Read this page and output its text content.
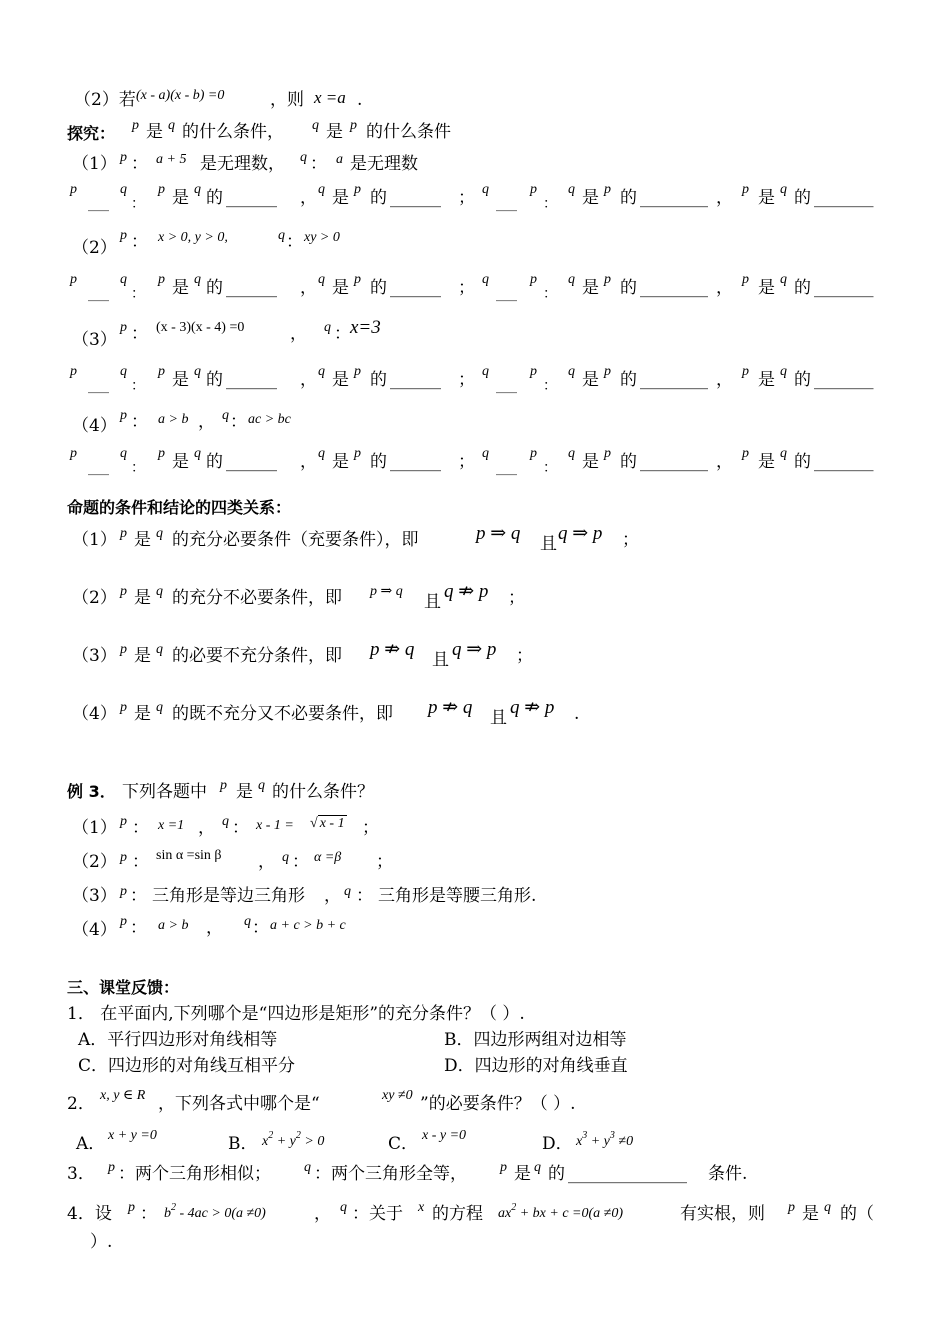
（2）若 (x - a)(x - b) =0	，则 x =a .
探究： p 是 q 的什么条件， q 是 p 的什么条件
（1） p ： a + 5 是无理数， q ： a 是无理数
p
___
q
：
p 是 q 的 ______ ， q 是 p 的 ______ ； q
___
p
：
q 是 p 的 ________ ， p 是 q 的 _______
（2）
p ： x > 0, y > 0,	q ： xy > 0
p
___
q
：
p 是 q 的 ______ ， q 是 p 的 ______ ； q
___
p
：
q 是 p 的 ________ ， p 是 q 的 _______
（3）
p ： (x - 3)(x - 4) =0	， q ： x=3
p
___
q
：
p 是 q 的 ______ ， q 是 p 的 ______ ； q
___
p
：
q 是 p 的 ________ ， p 是 q 的 _______
（4）
p ： a > b ， q ： ac > bc
p
___
q
：
p 是 q 的 ______ ， q 是 p 的 ______ ； q
___
p
：
q 是 p 的 ________ ， p 是 q 的 _______
命题的条件和结论的四类关系：
（1） p 是 q 的充分必要条件（充要条件），即	p ⇒ q 且 q ⇒ p ；
（2） p 是 q 的充分不必要条件，即 p ⇒ q
且 q ⇏ p ；
（3） p 是 q 的必要不充分条件，即 p ⇏ q 且 q ⇒ p ；
（4） p 是 q 的既不充分又不必要条件，即 p ⇏ q 且 q ⇏ p .
例 3． 下列各题中 p 是 q 的什么条件？
（1） p ： x =1 ， q ： x - 1 = √ x - 1 ；
（2） p ： sin α =sin β ， q ： α =β ；
（3） p ： 三角形是等边三角形 ， q ： 三角形是等腰三角形.
（4） p ： a > b ， q ： a + c > b + c
三、课堂反馈：
1． 在平面内,下列哪个是“四边形是矩形”的充分条件？（ ）.
A．平行四边形对角线相等	B．四边形两组对边相等
C．四边形的对角线互相平分	D．四边形的对角线垂直
2． x, y ∈ R ，下列各式中哪个是“	xy ≠0 ”的必要条件？（ ）.
A． x + y =0	B． $x^2 + y^2 > 0$	C． x - y =0	D． $x^3 + y^3 \ne 0$
3． p ：两个三角形相似； q ：两个三角形全等， p 是 q 的 ______________ 条件.
4．设 p ： $b^2 - 4ac > 0(a \ne 0)$	， q ：关于 x 的方程 $ax^2$ + bx + c =0(a ≠0)	有实根，则 p 是 q 的（
）.
